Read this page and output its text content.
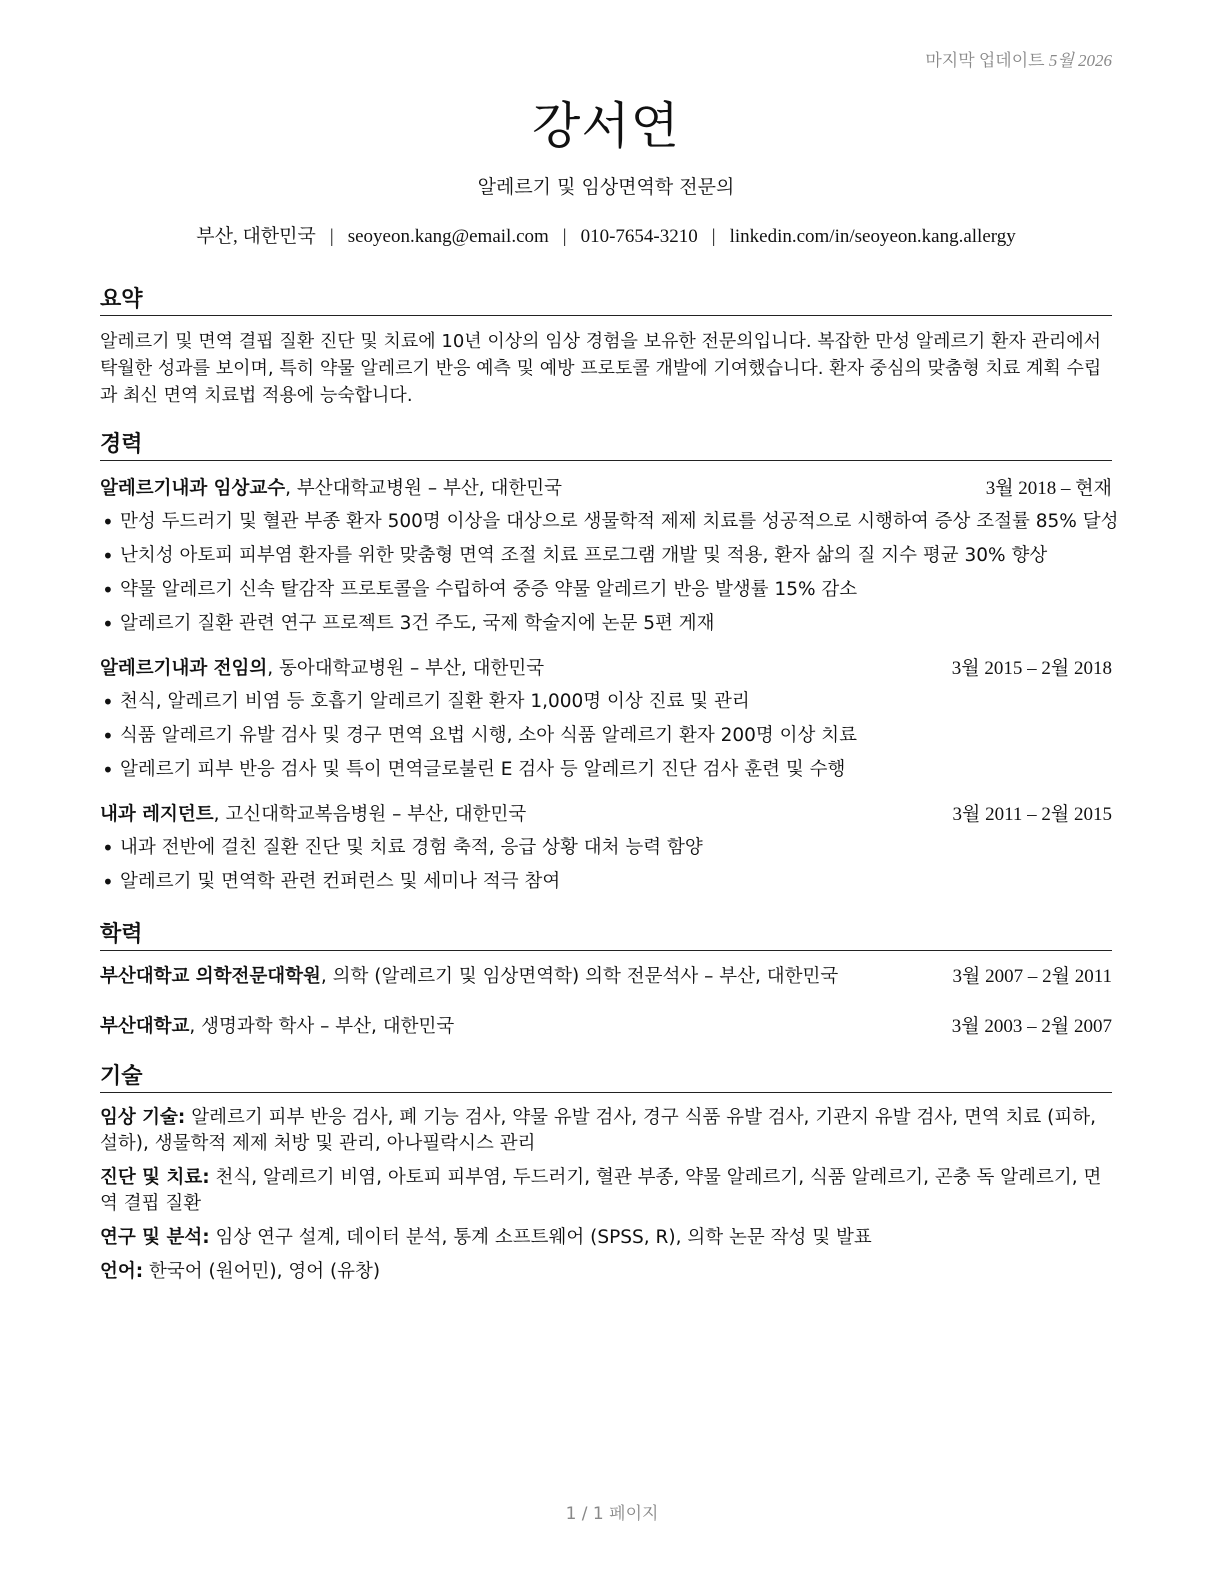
마지막 업데이트 5월 2026
강서연
알레르기 및 임상면역학 전문의
부산, 대한민국 | seoyeon.kang@email.com | 010-7654-3210 | linkedin.com/in/seoyeon.kang.allergy
요약
알레르기 및 면역 결핍 질환 진단 및 치료에 10년 이상의 임상 경험을 보유한 전문의입니다. 복잡한 만성 알레르기 환자 관리에서 탁월한 성과를 보이며, 특히 약물 알레르기 반응 예측 및 예방 프로토콜 개발에 기여했습니다. 환자 중심의 맞춤형 치료 계획 수립과 최신 면역 치료법 적용에 능숙합니다.
경력
알레르기내과 임상교수, 부산대학교병원 – 부산, 대한민국	3월 2018 – 현재
• 만성 두드러기 및 혈관 부종 환자 500명 이상을 대상으로 생물학적 제제 치료를 성공적으로 시행하여 증상 조절률 85% 달성
• 난치성 아토피 피부염 환자를 위한 맞춤형 면역 조절 치료 프로그램 개발 및 적용, 환자 삶의 질 지수 평균 30% 향상
• 약물 알레르기 신속 탈감작 프로토콜을 수립하여 중증 약물 알레르기 반응 발생률 15% 감소
• 알레르기 질환 관련 연구 프로젝트 3건 주도, 국제 학술지에 논문 5편 게재
알레르기내과 전임의, 동아대학교병원 – 부산, 대한민국	3월 2015 – 2월 2018
• 천식, 알레르기 비염 등 호흡기 알레르기 질환 환자 1,000명 이상 진료 및 관리
• 식품 알레르기 유발 검사 및 경구 면역 요법 시행, 소아 식품 알레르기 환자 200명 이상 치료
• 알레르기 피부 반응 검사 및 특이 면역글로불린 E 검사 등 알레르기 진단 검사 훈련 및 수행
내과 레지던트, 고신대학교복음병원 – 부산, 대한민국	3월 2011 – 2월 2015
• 내과 전반에 걸친 질환 진단 및 치료 경험 축적, 응급 상황 대처 능력 함양
• 알레르기 및 면역학 관련 컨퍼런스 및 세미나 적극 참여
학력
부산대학교 의학전문대학원, 의학 (알레르기 및 임상면역학) 의학 전문석사 – 부산, 대한민국	3월 2007 – 2월 2011
부산대학교, 생명과학 학사 – 부산, 대한민국	3월 2003 – 2월 2007
기술
임상 기술: 알레르기 피부 반응 검사, 폐 기능 검사, 약물 유발 검사, 경구 식품 유발 검사, 기관지 유발 검사, 면역 치료 (피하, 설하), 생물학적 제제 처방 및 관리, 아나필락시스 관리
진단 및 치료: 천식, 알레르기 비염, 아토피 피부염, 두드러기, 혈관 부종, 약물 알레르기, 식품 알레르기, 곤충 독 알레르기, 면역 결핍 질환
연구 및 분석: 임상 연구 설계, 데이터 분석, 통계 소프트웨어 (SPSS, R), 의학 논문 작성 및 발표
언어: 한국어 (원어민), 영어 (유창)
1 / 1 페이지
